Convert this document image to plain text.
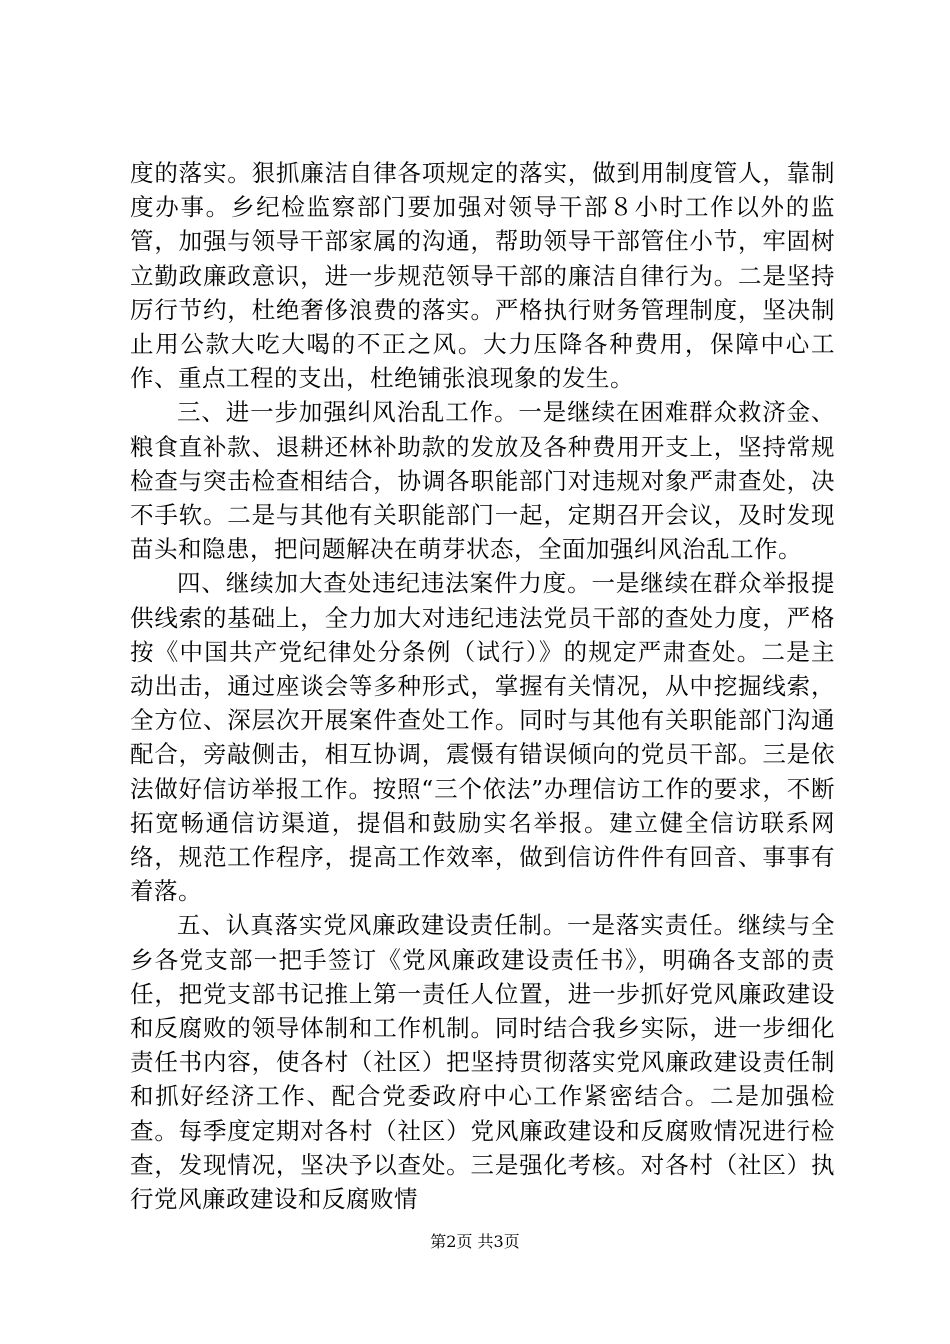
度的落实。狠抓廉洁自律各项规定的落实，做到用制度管人，靠制度办事。乡纪检监察部门要加强对领导干部８小时工作以外的监管，加强与领导干部家属的沟通，帮助领导干部管住小节，牢固树立勤政廉政意识，进一步规范领导干部的廉洁自律行为。二是坚持厉行节约，杜绝奢侈浪费的落实。严格执行财务管理制度，坚决制止用公款大吃大喝的不正之风。大力压降各种费用，保障中心工作、重点工程的支出，杜绝铺张浪现象的发生。

三、进一步加强纠风治乱工作。一是继续在困难群众救济金、粮食直补款、退耕还林补助款的发放及各种费用开支上，坚持常规检查与突击检查相结合，协调各职能部门对违规对象严肃查处，决不手软。二是与其他有关职能部门一起，定期召开会议，及时发现苗头和隐患，把问题解决在萌芽状态，全面加强纠风治乱工作。

四、继续加大查处违纪违法案件力度。一是继续在群众举报提供线索的基础上，全力加大对违纪违法党员干部的查处力度，严格按《中国共产党纪律处分条例（试行）》的规定严肃查处。二是主动出击，通过座谈会等多种形式，掌握有关情况，从中挖掘线索，全方位、深层次开展案件查处工作。同时与其他有关职能部门沟通配合，旁敲侧击，相互协调，震慑有错误倾向的党员干部。三是依法做好信访举报工作。按照“三个依法”办理信访工作的要求，不断拓宽畅通信访渠道，提倡和鼓励实名举报。建立健全信访联系网络，规范工作程序，提高工作效率，做到信访件件有回音、事事有着落。

五、认真落实党风廉政建设责任制。一是落实责任。继续与全乡各党支部一把手签订《党风廉政建设责任书》，明确各支部的责任，把党支部书记推上第一责任人位置，进一步抓好党风廉政建设和反腐败的领导体制和工作机制。同时结合我乡实际，进一步细化责任书内容，使各村（社区）把坚持贯彻落实党风廉政建设责任制和抓好经济工作、配合党委政府中心工作紧密结合。二是加强检查。每季度定期对各村（社区）党风廉政建设和反腐败情况进行检查，发现情况，坚决予以查处。三是强化考核。对各村（社区）执行党风廉政建设和反腐败情

第2页 共3页
